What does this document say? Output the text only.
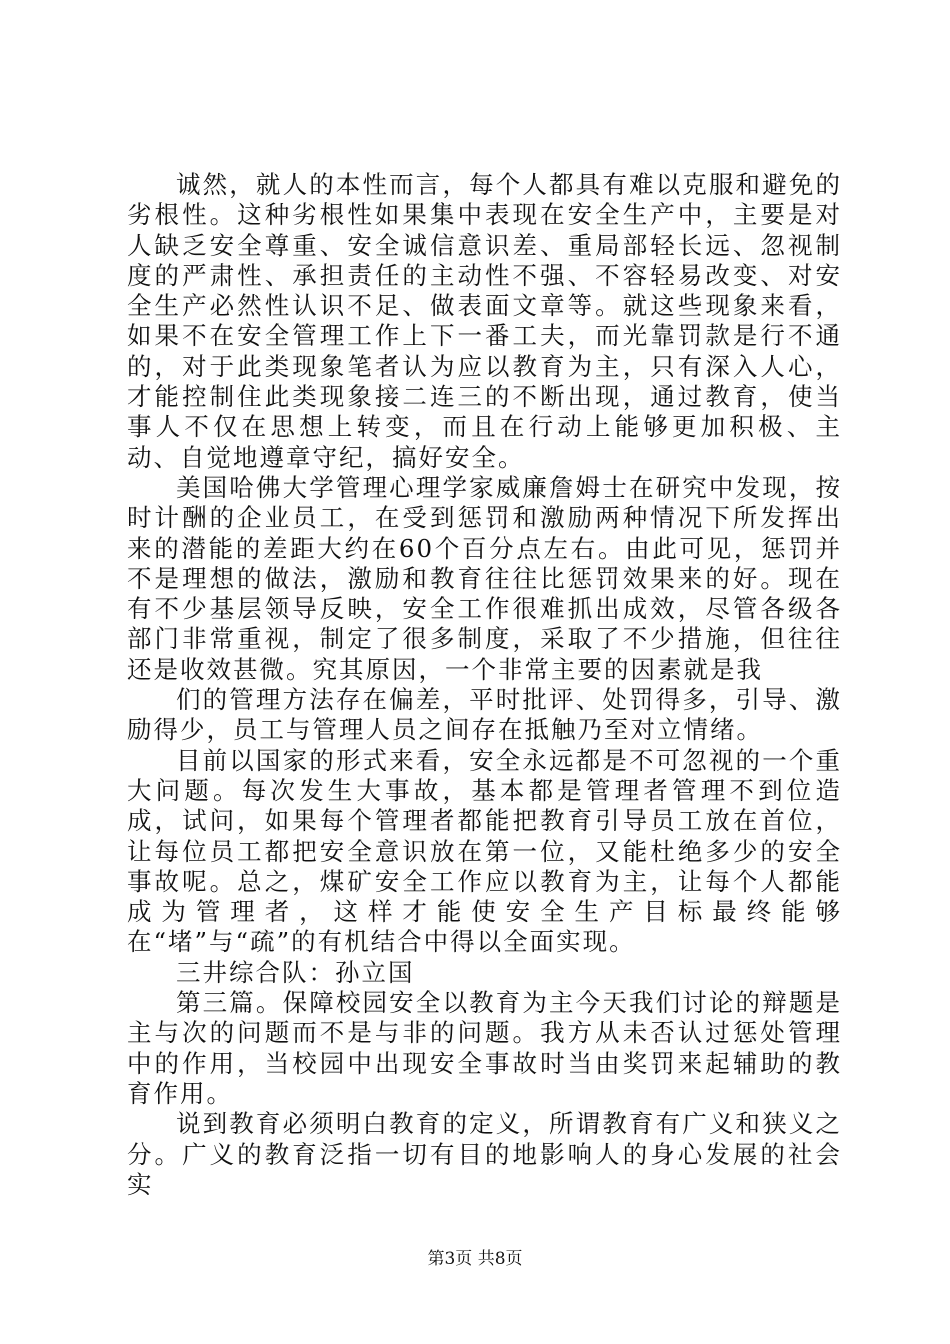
诚然，就人的本性而言，每个人都具有难以克服和避免的劣根性。这种劣根性如果集中表现在安全生产中，主要是对人缺乏安全尊重、安全诚信意识差、重局部轻长远、忽视制度的严肃性、承担责任的主动性不强、不容轻易改变、对安全生产必然性认识不足、做表面文章等。就这些现象来看，如果不在安全管理工作上下一番工夫，而光靠罚款是行不通的，对于此类现象笔者认为应以教育为主，只有深入人心，才能控制住此类现象接二连三的不断出现，通过教育，使当事人不仅在思想上转变，而且在行动上能够更加积极、主动、自觉地遵章守纪，搞好安全。

美国哈佛大学管理心理学家威廉詹姆士在研究中发现，按时计酬的企业员工，在受到惩罚和激励两种情况下所发挥出来的潜能的差距大约在60个百分点左右。由此可见，惩罚并不是理想的做法，激励和教育往往比惩罚效果来的好。现在有不少基层领导反映，安全工作很难抓出成效，尽管各级各部门非常重视，制定了很多制度，采取了不少措施，但往往还是收效甚微。究其原因，一个非常主要的因素就是我

们的管理方法存在偏差，平时批评、处罚得多，引导、激励得少，员工与管理人员之间存在抵触乃至对立情绪。

目前以国家的形式来看，安全永远都是不可忽视的一个重大问题。每次发生大事故，基本都是管理者管理不到位造成，试问，如果每个管理者都能把教育引导员工放在首位，让每位员工都把安全意识放在第一位，又能杜绝多少的安全事故呢。总之，煤矿安全工作应以教育为主，让每个人都能成为管理者，这样才能使安全生产目标最终能够在“堵”与“疏”的有机结合中得以全面实现。

三井综合队：孙立国

第三篇。保障校园安全以教育为主今天我们讨论的辩题是主与次的问题而不是与非的问题。我方从未否认过惩处管理中的作用，当校园中出现安全事故时当由奖罚来起辅助的教育作用。

说到教育必须明白教育的定义，所谓教育有广义和狭义之分。广义的教育泛指一切有目的地影响人的身心发展的社会实

第3页 共8页
